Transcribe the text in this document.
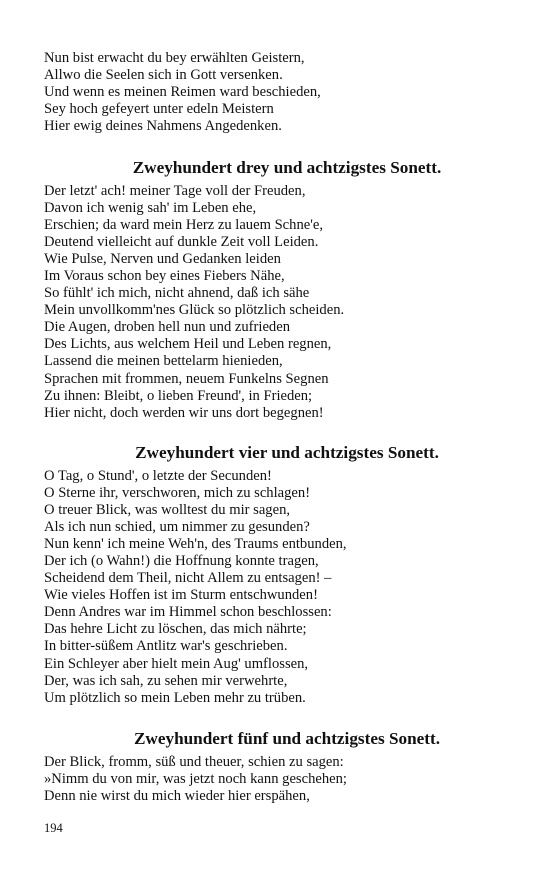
Nun bist erwacht du bey erwählten Geistern,
Allwo die Seelen sich in Gott versenken.
Und wenn es meinen Reimen ward beschieden,
Sey hoch gefeyert unter edeln Meistern
Hier ewig deines Nahmens Angedenken.
Zweyhundert drey und achtzigstes Sonett.
Der letzt' ach! meiner Tage voll der Freuden,
Davon ich wenig sah' im Leben ehe,
Erschien; da ward mein Herz zu lauem Schne'e,
Deutend vielleicht auf dunkle Zeit voll Leiden.
Wie Pulse, Nerven und Gedanken leiden
Im Voraus schon bey eines Fiebers Nähe,
So fühlt' ich mich, nicht ahnend, daß ich sähe
Mein unvollkomm'nes Glück so plötzlich scheiden.
Die Augen, droben hell nun und zufrieden
Des Lichts, aus welchem Heil und Leben regnen,
Lassend die meinen bettelarm hienieden,
Sprachen mit frommen, neuem Funkelns Segnen
Zu ihnen: Bleibt, o lieben Freund', in Frieden;
Hier nicht, doch werden wir uns dort begegnen!
Zweyhundert vier und achtzigstes Sonett.
O Tag, o Stund', o letzte der Secunden!
O Sterne ihr, verschworen, mich zu schlagen!
O treuer Blick, was wolltest du mir sagen,
Als ich nun schied, um nimmer zu gesunden?
Nun kenn' ich meine Weh'n, des Traums entbunden,
Der ich (o Wahn!) die Hoffnung konnte tragen,
Scheidend dem Theil, nicht Allem zu entsagen! –
Wie vieles Hoffen ist im Sturm entschwunden!
Denn Andres war im Himmel schon beschlossen:
Das hehre Licht zu löschen, das mich nährte;
In bitter-süßem Antlitz war's geschrieben.
Ein Schleyer aber hielt mein Aug' umflossen,
Der, was ich sah, zu sehen mir verwehrte,
Um plötzlich so mein Leben mehr zu trüben.
Zweyhundert fünf und achtzigstes Sonett.
Der Blick, fromm, süß und theuer, schien zu sagen:
»Nimm du von mir, was jetzt noch kann geschehen;
Denn nie wirst du mich wieder hier erspähen,
194
